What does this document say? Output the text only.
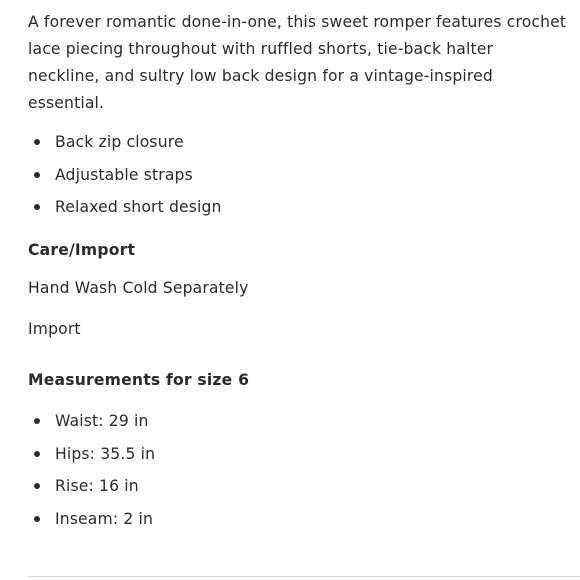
A forever romantic done-in-one, this sweet romper features crochet lace piecing throughout with ruffled shorts, tie-back halter neckline, and sultry low back design for a vintage-inspired essential.

Back zip closure
Adjustable straps
Relaxed short design
Care/Import

Hand Wash Cold Separately

Import

Measurements for size 6
Waist: 29 in
Hips: 35.5 in
Rise: 16 in
Inseam: 2 in
